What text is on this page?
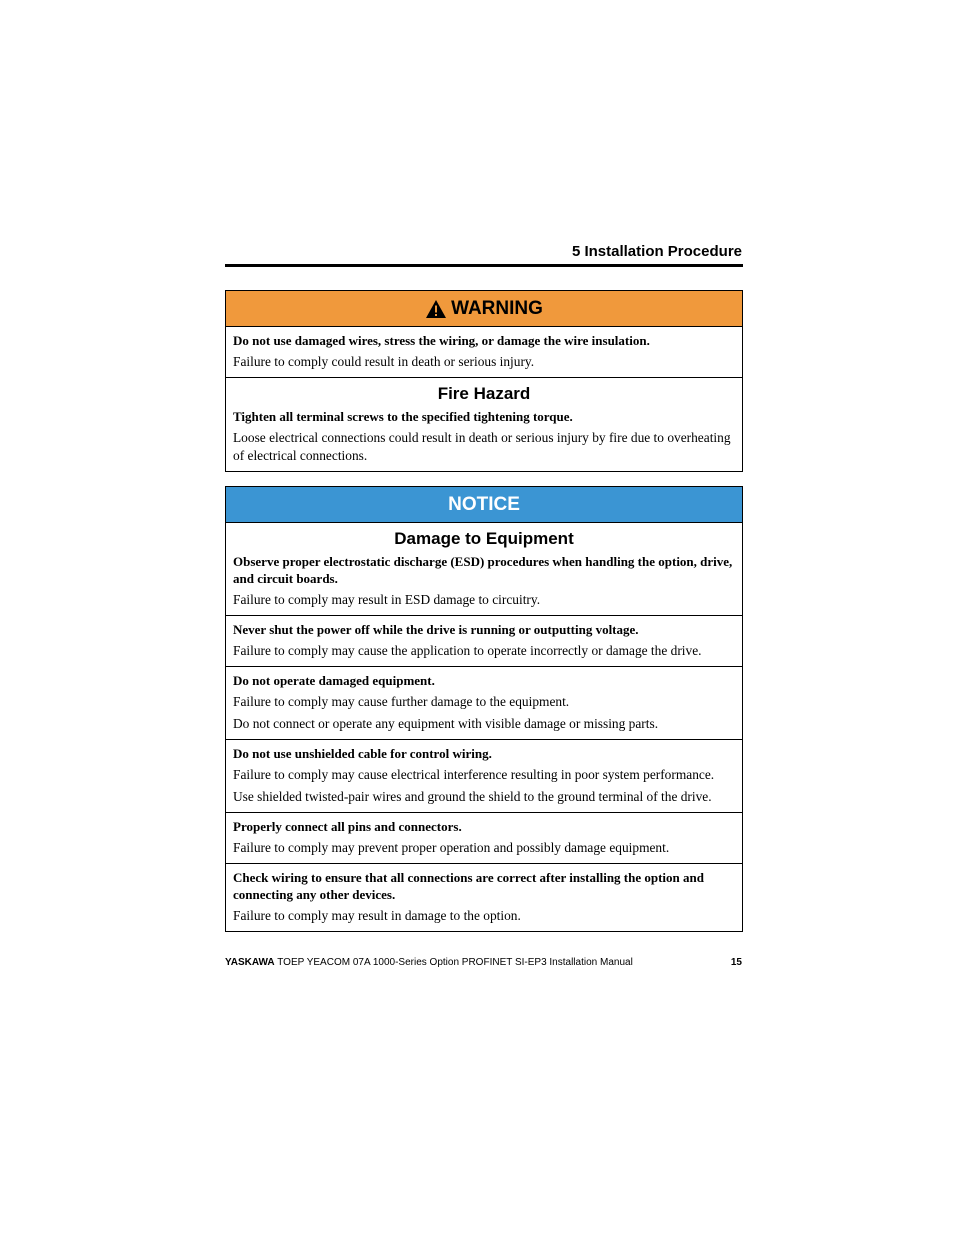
5 Installation Procedure
WARNING

Do not use damaged wires, stress the wiring, or damage the wire insulation.

Failure to comply could result in death or serious injury.

Fire Hazard

Tighten all terminal screws to the specified tightening torque.

Loose electrical connections could result in death or serious injury by fire due to overheating of electrical connections.

NOTICE
Damage to Equipment

Observe proper electrostatic discharge (ESD) procedures when handling the option, drive, and circuit boards.

Failure to comply may result in ESD damage to circuitry.

Never shut the power off while the drive is running or outputting voltage.

Failure to comply may cause the application to operate incorrectly or damage the drive.

Do not operate damaged equipment.

Failure to comply may cause further damage to the equipment.

Do not connect or operate any equipment with visible damage or missing parts.

Do not use unshielded cable for control wiring.

Failure to comply may cause electrical interference resulting in poor system performance.

Use shielded twisted-pair wires and ground the shield to the ground terminal of the drive.

Properly connect all pins and connectors.

Failure to comply may prevent proper operation and possibly damage equipment.

Check wiring to ensure that all connections are correct after installing the option and connecting any other devices.

Failure to comply may result in damage to the option.

YASKAWA TOEP YEACOM 07A 1000-Series Option PROFINET SI-EP3 Installation Manual	15
